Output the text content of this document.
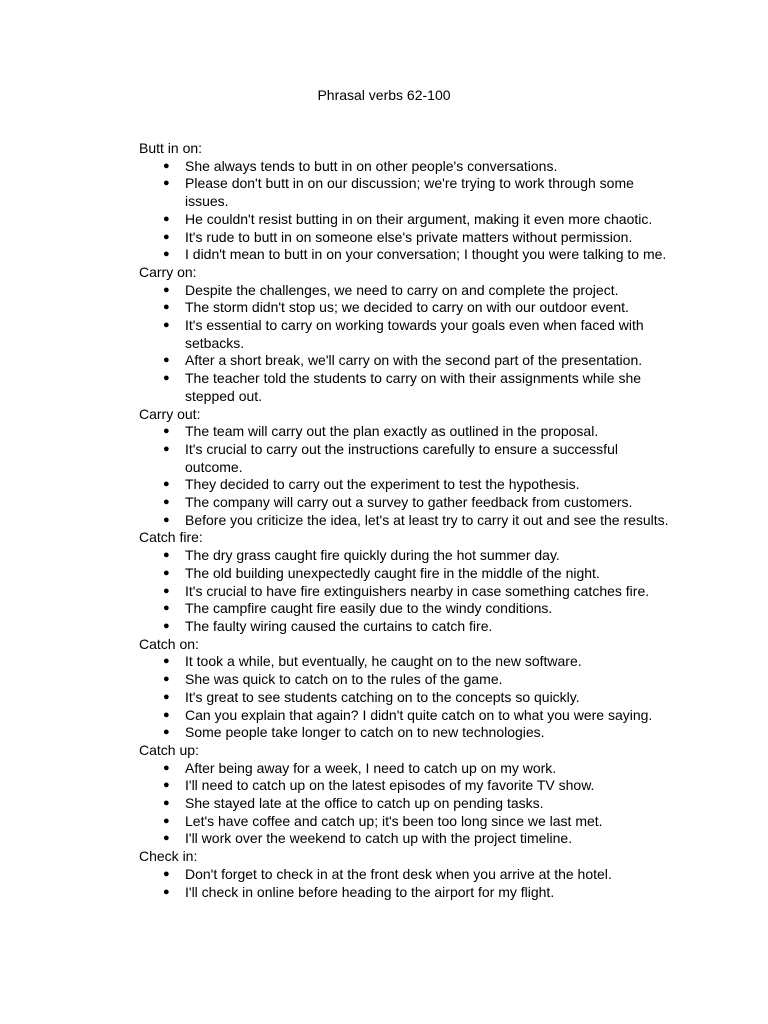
Phrasal verbs 62-100

Butt in on:

● She always tends to butt in on other people's conversations.
● Please don't butt in on our discussion; we're trying to work through some issues.
● He couldn't resist butting in on their argument, making it even more chaotic.
● It's rude to butt in on someone else's private matters without permission.
● I didn't mean to butt in on your conversation; I thought you were talking to me.

Carry on:

● Despite the challenges, we need to carry on and complete the project.
● The storm didn't stop us; we decided to carry on with our outdoor event.
● It's essential to carry on working towards your goals even when faced with setbacks.
● After a short break, we'll carry on with the second part of the presentation.
● The teacher told the students to carry on with their assignments while she stepped out.

Carry out:

● The team will carry out the plan exactly as outlined in the proposal.
● It's crucial to carry out the instructions carefully to ensure a successful outcome.
● They decided to carry out the experiment to test the hypothesis.
● The company will carry out a survey to gather feedback from customers.
● Before you criticize the idea, let's at least try to carry it out and see the results.

Catch fire:

● The dry grass caught fire quickly during the hot summer day.
● The old building unexpectedly caught fire in the middle of the night.
● It's crucial to have fire extinguishers nearby in case something catches fire.
● The campfire caught fire easily due to the windy conditions.
● The faulty wiring caused the curtains to catch fire.

Catch on:

● It took a while, but eventually, he caught on to the new software.
● She was quick to catch on to the rules of the game.
● It's great to see students catching on to the concepts so quickly.
● Can you explain that again? I didn't quite catch on to what you were saying.
● Some people take longer to catch on to new technologies.

Catch up:

● After being away for a week, I need to catch up on my work.
● I'll need to catch up on the latest episodes of my favorite TV show.
● She stayed late at the office to catch up on pending tasks.
● Let's have coffee and catch up; it's been too long since we last met.
● I'll work over the weekend to catch up with the project timeline.

Check in:

● Don't forget to check in at the front desk when you arrive at the hotel.
● I'll check in online before heading to the airport for my flight.
